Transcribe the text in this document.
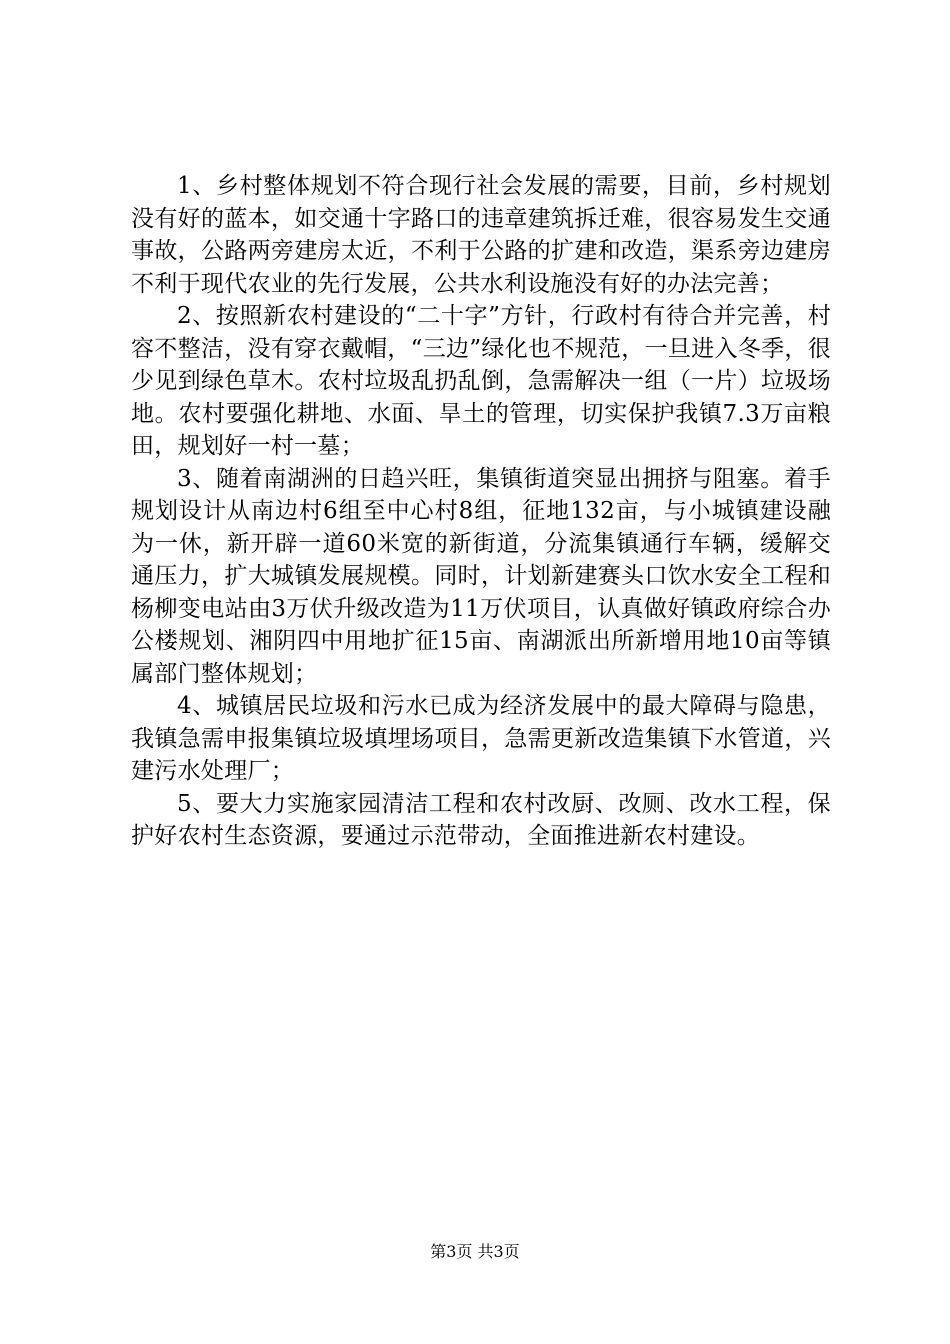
1、乡村整体规划不符合现行社会发展的需要，目前，乡村规划没有好的蓝本，如交通十字路口的违章建筑拆迁难，很容易发生交通事故，公路两旁建房太近，不利于公路的扩建和改造，渠系旁边建房不利于现代农业的先行发展，公共水利设施没有好的办法完善；

2、按照新农村建设的“二十字”方针，行政村有待合并完善，村容不整洁，没有穿衣戴帽，“三边”绿化也不规范，一旦进入冬季，很少见到绿色草木。农村垃圾乱扔乱倒，急需解决一组（一片）垃圾场地。农村要强化耕地、水面、旱土的管理，切实保护我镇7.3万亩粮田，规划好一村一墓；

3、随着南湖洲的日趋兴旺，集镇街道突显出拥挤与阻塞。着手规划设计从南边村6组至中心村8组，征地132亩，与小城镇建设融为一休，新开辟一道60米宽的新街道，分流集镇通行车辆，缓解交通压力，扩大城镇发展规模。同时，计划新建赛头口饮水安全工程和杨柳变电站由3万伏升级改造为11万伏项目，认真做好镇政府综合办公楼规划、湘阴四中用地扩征15亩、南湖派出所新增用地10亩等镇属部门整体规划；

4、城镇居民垃圾和污水已成为经济发展中的最大障碍与隐患，我镇急需申报集镇垃圾填埋场项目，急需更新改造集镇下水管道，兴建污水处理厂；

5、要大力实施家园清洁工程和农村改厨、改厕、改水工程，保护好农村生态资源，要通过示范带动，全面推进新农村建设。

第3页 共3页
